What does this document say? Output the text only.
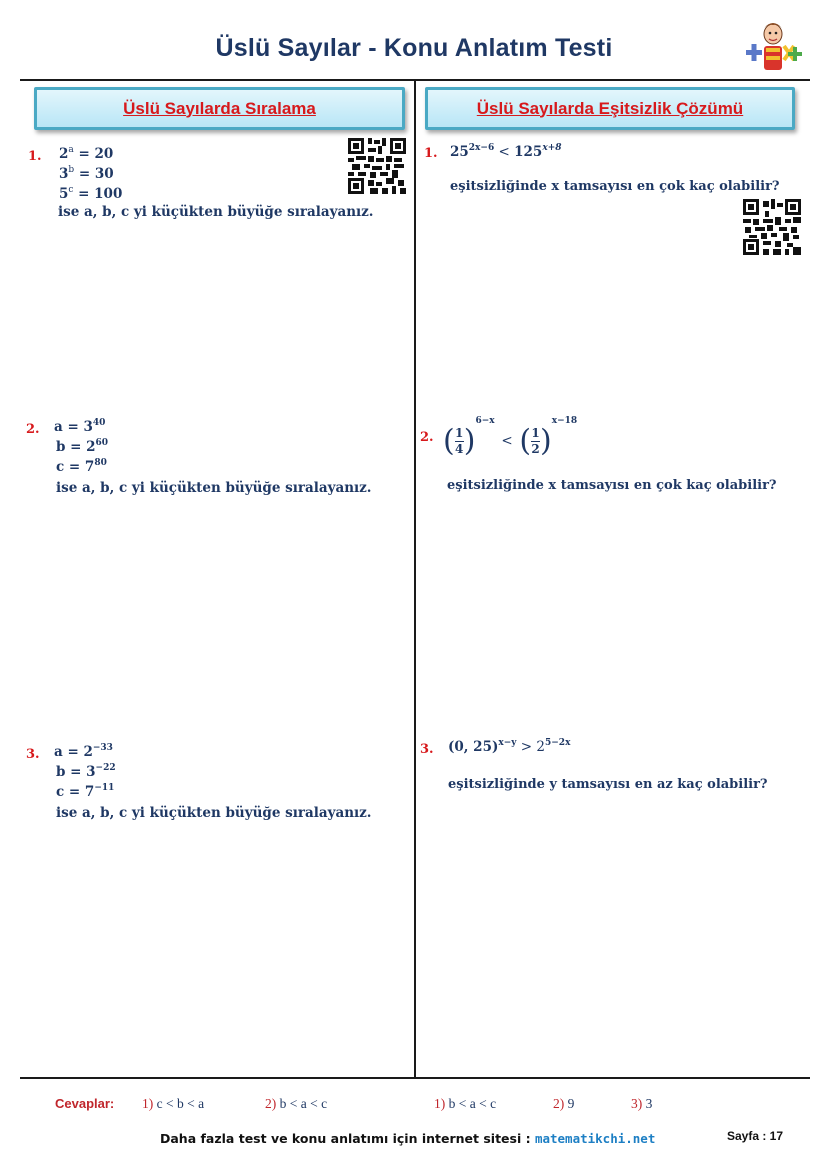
Üslü Sayılar - Konu Anlatım Testi
Üslü Sayılarda Sıralama	Üslü Sayılarda Eşitsizlik Çözümü
1. $2^a = 20$
$3^b = 30$
$5^c = 100$
ise a, b, c yi küçükten büyüğe sıralayanız.
2. $a = 3^{40}$
$b = 2^{60}$
$c = 7^{80}$
ise a, b, c yi küçükten büyüğe sıralayanız.
3. $a = 2^{-33}$
$b = 3^{-22}$
$c = 7^{-11}$
ise a, b, c yi küçükten büyüğe sıralayanız.
1. $25^{2x-6} < 125^{x+8}$
eşitsizliğinde x tamsayısı en çok kaç olabilir?
2. ( $\frac{1}{4} )^{6-x}$ < ( $\frac{1}{2} )^{x-18}$
eşitsizliğinde x tamsayısı en çok kaç olabilir?
3. (0, $25)^{x-y} > 2^{5-2x}$
eşitsizliğinde y tamsayısı en az kaç olabilir?
Cevaplar: 1) c < b < a	2) b < a < c	1) b < a < c	2) 9	3) 3
Daha fazla test ve konu anlatımı için internet sitesi : matematikchi.net	Sayfa : 17
